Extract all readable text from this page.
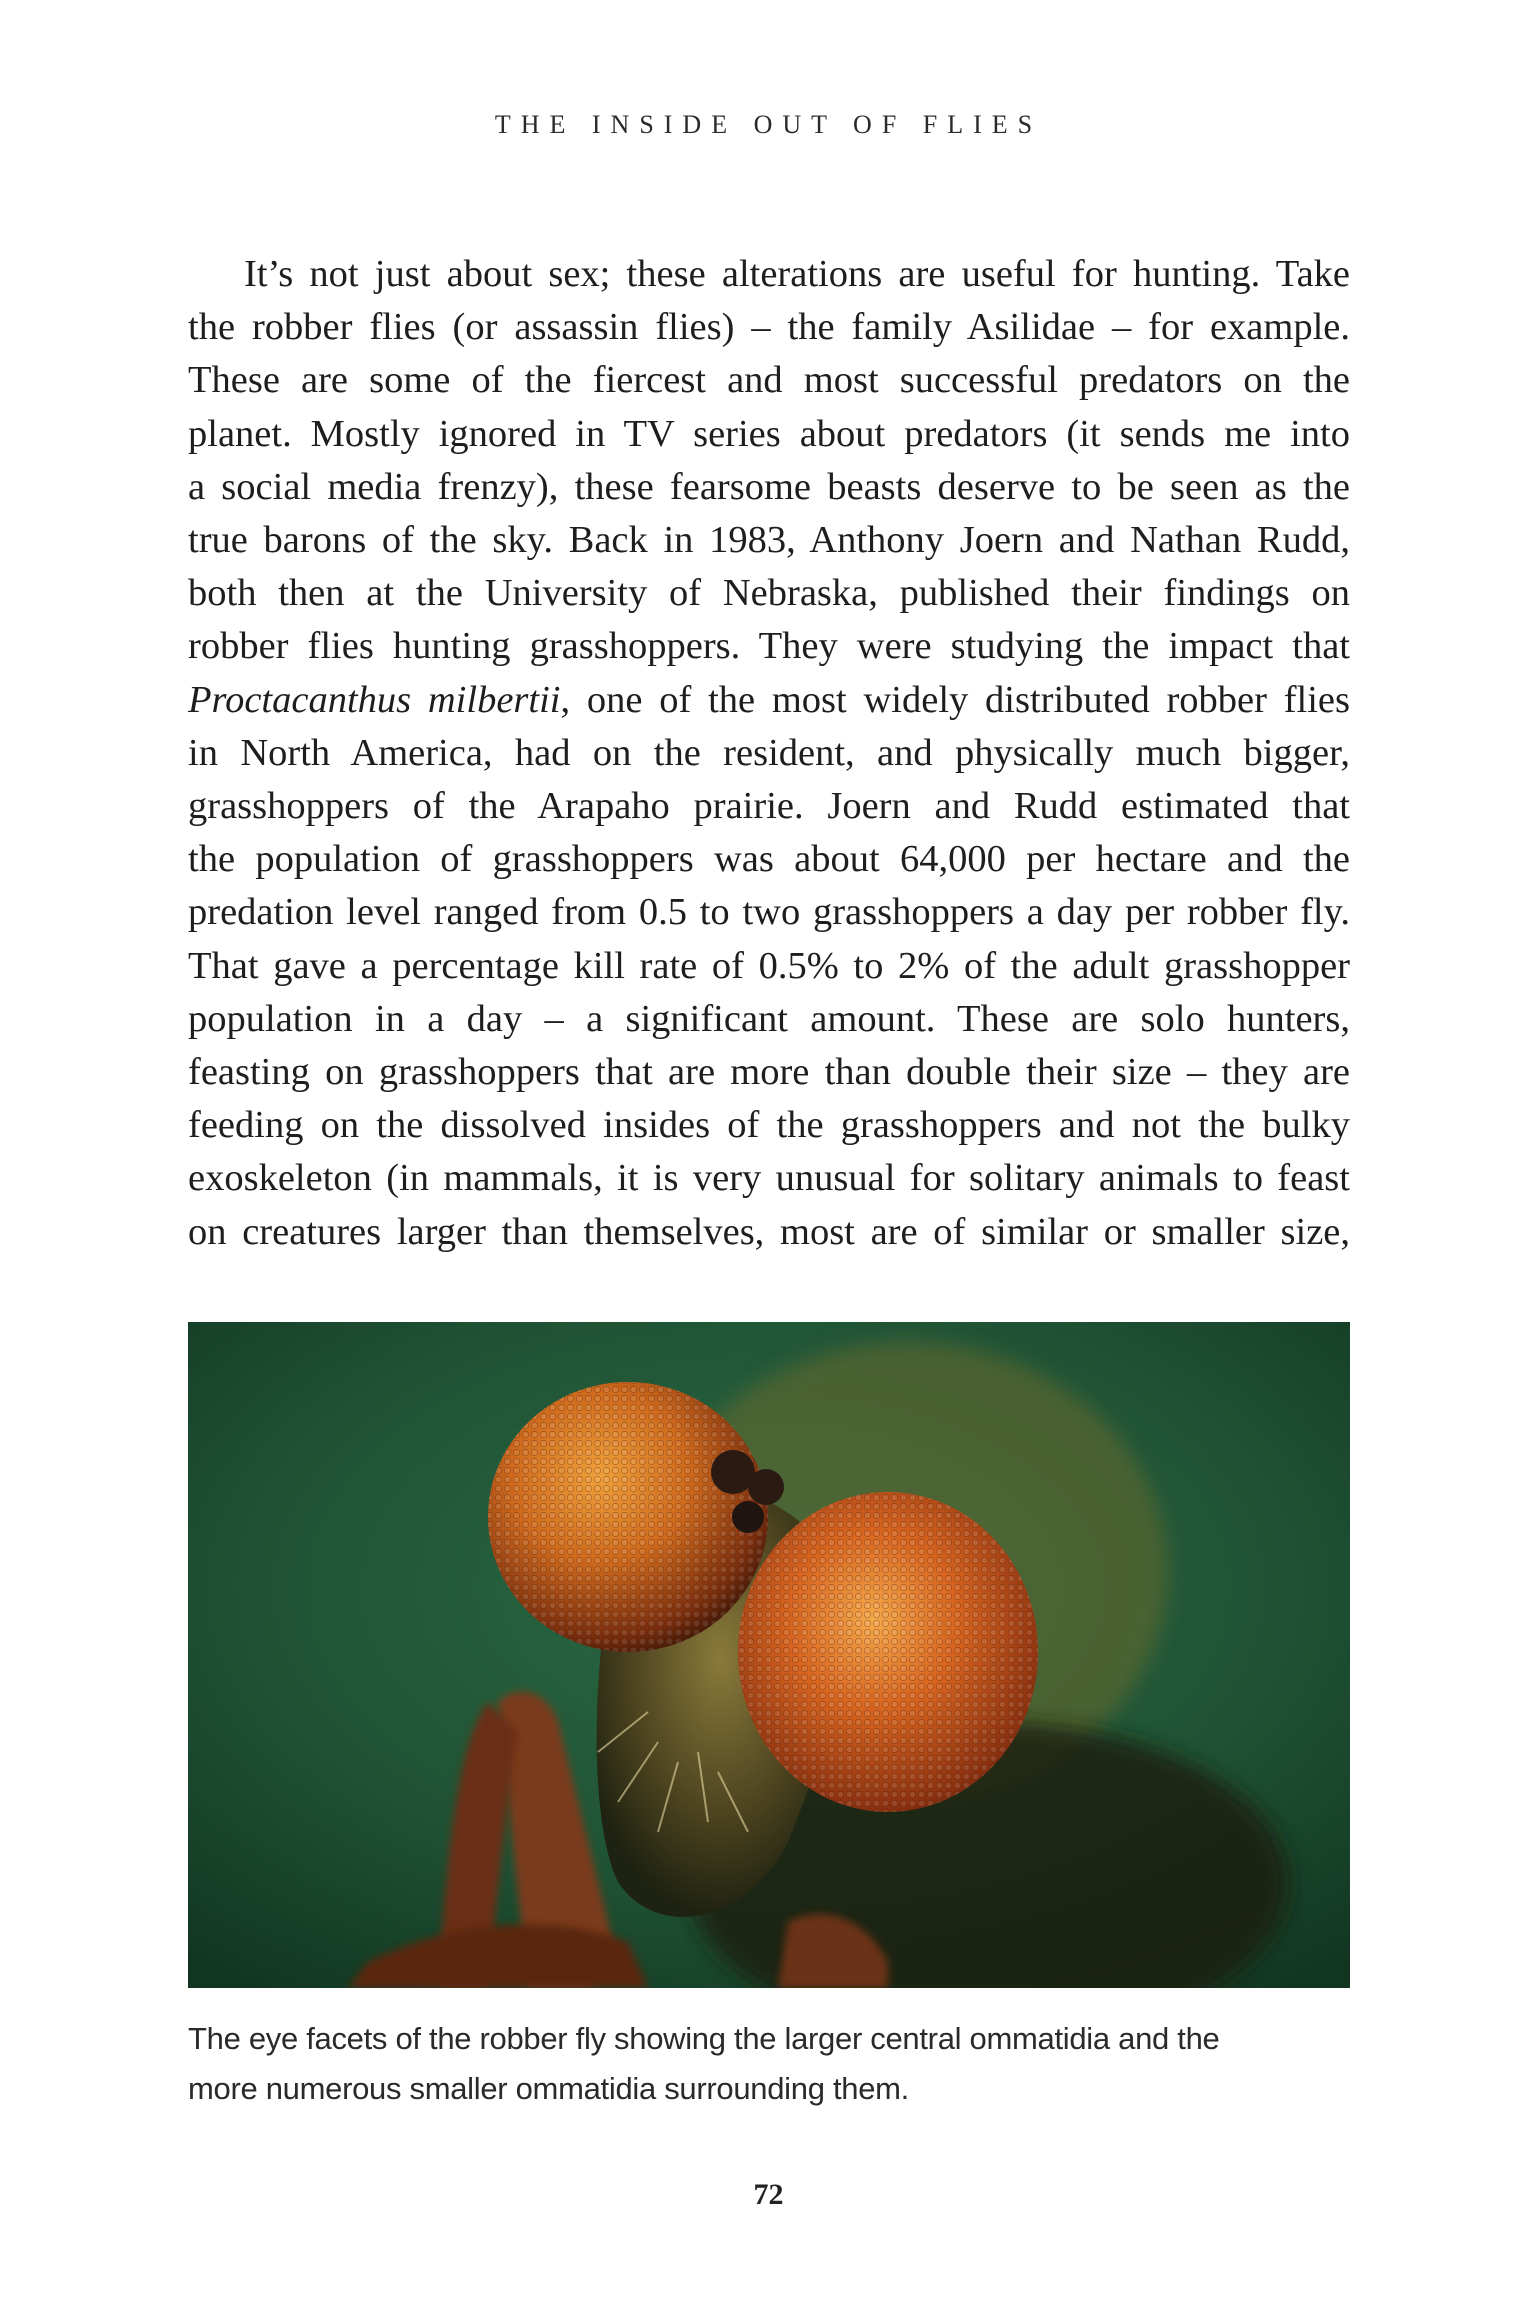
THE INSIDE OUT OF FLIES
It’s not just about sex; these alterations are useful for hunting. Take
the robber flies (or assassin flies) – the family Asilidae – for example.
These are some of the fiercest and most successful predators on the
planet. Mostly ignored in TV series about predators (it sends me into
a social media frenzy), these fearsome beasts deserve to be seen as the
true barons of the sky. Back in 1983, Anthony Joern and Nathan Rudd,
both then at the University of Nebraska, published their findings on
robber flies hunting grasshoppers. They were studying the impact that
Proctacanthus milbertii, one of the most widely distributed robber flies
in North America, had on the resident, and physically much bigger,
grasshoppers of the Arapaho prairie. Joern and Rudd estimated that
the population of grasshoppers was about 64,000 per hectare and the
predation level ranged from 0.5 to two grasshoppers a day per robber fly.
That gave a percentage kill rate of 0.5% to 2% of the adult grasshopper
population in a day – a significant amount. These are solo hunters,
feasting on grasshoppers that are more than double their size – they are
feeding on the dissolved insides of the grasshoppers and not the bulky
exoskeleton (in mammals, it is very unusual for solitary animals to feast
on creatures larger than themselves, most are of similar or smaller size,
The eye facets of the robber fly showing the larger central ommatidia and the
more numerous smaller ommatidia surrounding them.
72
